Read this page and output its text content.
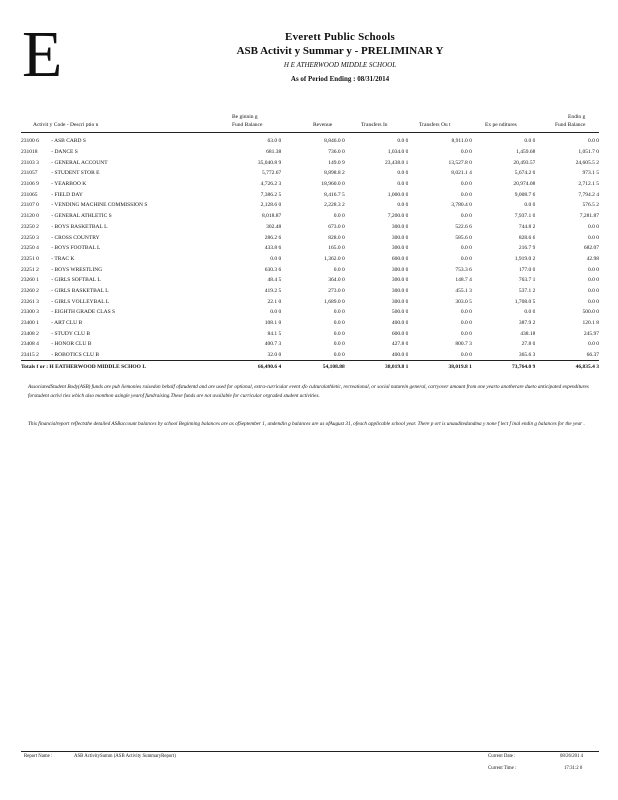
E	Everett Public Schools
ASB Activit y Summar y - PRELIMINAR Y
H E ATHERWOOD MIDDLE SCHOOL
As of Period Ending : 08/31/2014
Activit y Code - Descri ptio n
Be ginnin g
Fund Balance	Revenue	Transfers In	Transfers Ou t	Ex pe nditures
Endin g
Fund Balance
23100 6	- ASB CARD S	63.0 0	8,846.0 0	0.0 0	8,911.0 0	0.0 0	0.0 0
231018	- DANCE S	681.38	736.0 0	1,034.0 0	0.0 0	1,459.68	1,051.7 0
23103 3	- GENERAL ACCOUNT	35,040.8 9	149.0 9	23,438.0 1	13,527.8 0	20,493.57	24,605.5 2
231057	- STUDENT STOR E	5,772.67	8,898.8 2	0.0 0	8,021.1 4	5,674.2 0	973.1 5
23106 9	- YEARBOO K	4,726.2 3	18,960.0 0	0.0 0	0.0 0	20,974.08	2,712.1 5
231065	- FIELD DAY	7,386.2 5	8,416.7 5	1,000.0 0	0.0 0	9,008.7 6	7,794.2 4
23107 0	- VENDING MACHINE COMMISSION S	2,128.6 0	2,228.3 2	0.0 0	3,780.4 0	0.0 0	576.5 2
23120 0	- GENERAL ATHLETIC S	8,018.87	0.0 0	7,200.0 0	0.0 0	7,937.1 0	7,281.87
23250 2	- BOYS BASKETBAL L	302.48	673.0 0	300.0 0	522.6 6	744.8 2	0.0 0
23250 3	- CROSS COUNTRY	286.2 6	828.0 0	300.0 0	585.6 0	828.6 6	0.0 0
23250 4	- BOYS FOOTBAL L	433.8 6	165.0 0	300.0 0	0.0 0	216.7 9	682.07
23251 0	- TRAC K	0.0 0	1,362.0 0	600.0 0	0.0 0	1,919.0 2	42.98
23251 2	- BOYS WRESTLING	630.3 6	0.0 0	300.0 0	753.3 6	177.0 0	0.0 0
23260 1	- GIRLS SOFTBAL L	48.4 5	364.0 0	300.0 0	148.7 4	763.7 1	0.0 0
23260 2	- GIRLS BASKETBAL L	419.2 5	273.0 0	300.0 0	455.1 3	537.1 2	0.0 0
23261 3	- GIRLS VOLLEYBAL L	22.1 0	1,689.0 0	300.0 0	303.0 5	1,708.0 5	0.0 0
23300 3	- EIGHTH GRADE CLAS S	0.0 0	0.0 0	500.0 0	0.0 0	0.0 0	500.0 0
23400 1	- ART CLU B	108.1 0	0.0 0	400.0 0	0.0 0	387.9 2	120.1 8
23408 2	- STUDY CLU B	84.1 5	0.0 0	600.0 0	0.0 0	438.18	245.97
23408 4	- HONOR CLU B	400.7 3	0.0 0	427.8 0	800.7 3	27.8 0	0.0 0
23415 2	- ROBOTICS CLU B	32.0 0	0.0 0	400.0 0	0.0 0	365.6 3	66.37
Totals f or : H EATHERWOOD MIDDLE SCHOO L		66,490.6 4	54,108.88	38,019.8 1	38,019.8 1	73,764.0 9	46,835.4 3
AssociatedStudent Body(ASB) funds are pub liemonies raisedon behalf ofstudentd and are used for optional, extra-curricular event sfo culturalathletic, recreational, or social naturein general, carryover amount from one yearto anotherare dueto anticipated expenditures forstudent activi ties which also monthon asingle yearof fundraising.These funds are not available for curricular orgraded student activities.
This financialreport reflectsthe detailed ASBaccount balances by school Beginning balances are as ofSeptember 1, andendin g balances are as ofAugust 31, ofeach applicable school year. There p ort is unauditedandma y none f lect f inal endin g balances for the year .
Report Name :	ASB ActivitySumm (ASB Activity SummaryReport)	Current Date :	08/26/201 4
Current Time :	17:31:2 0
